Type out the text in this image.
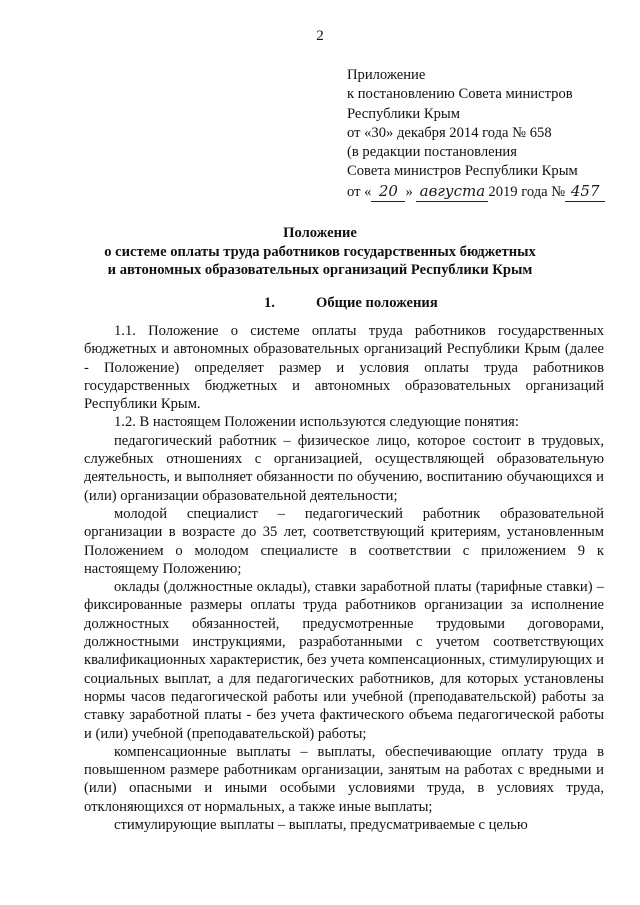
2
Приложение
к постановлению Совета министров
Республики Крым
от «30» декабря 2014 года № 658
(в редакции постановления
Совета министров Республики Крым
от « 20 » августа 2019 года № 457
Положение
о системе оплаты труда работников государственных бюджетных
и автономных образовательных организаций Республики Крым
1.	Общие положения

1.1. Положение о системе оплаты труда работников государственных бюджетных и автономных образовательных организаций Республики Крым (далее - Положение) определяет размер и условия оплаты труда работников государственных бюджетных и автономных образовательных организаций Республики Крым.

1.2. В настоящем Положении используются следующие понятия:

педагогический работник – физическое лицо, которое состоит в трудовых, служебных отношениях с организацией, осуществляющей образовательную деятельность, и выполняет обязанности по обучению, воспитанию обучающихся и (или) организации образовательной деятельности;

молодой специалист – педагогический работник образовательной организации в возрасте до 35 лет, соответствующий критериям, установленным Положением о молодом специалисте в соответствии с приложением 9 к настоящему Положению;

оклады (должностные оклады), ставки заработной платы (тарифные ставки) – фиксированные размеры оплаты труда работников организации за исполнение должностных обязанностей, предусмотренные трудовыми договорами, должностными инструкциями, разработанными с учетом соответствующих квалификационных характеристик, без учета компенсационных, стимулирующих и социальных выплат, а для педагогических работников, для которых установлены нормы часов педагогической работы или учебной (преподавательской) работы за ставку заработной платы - без учета фактического объема педагогической работы и (или) учебной (преподавательской) работы;

компенсационные выплаты – выплаты, обеспечивающие оплату труда в повышенном размере работникам организации, занятым на работах с вредными и (или) опасными и иными особыми условиями труда, в условиях труда, отклоняющихся от нормальных, а также иные выплаты;

стимулирующие выплаты – выплаты, предусматриваемые с целью
